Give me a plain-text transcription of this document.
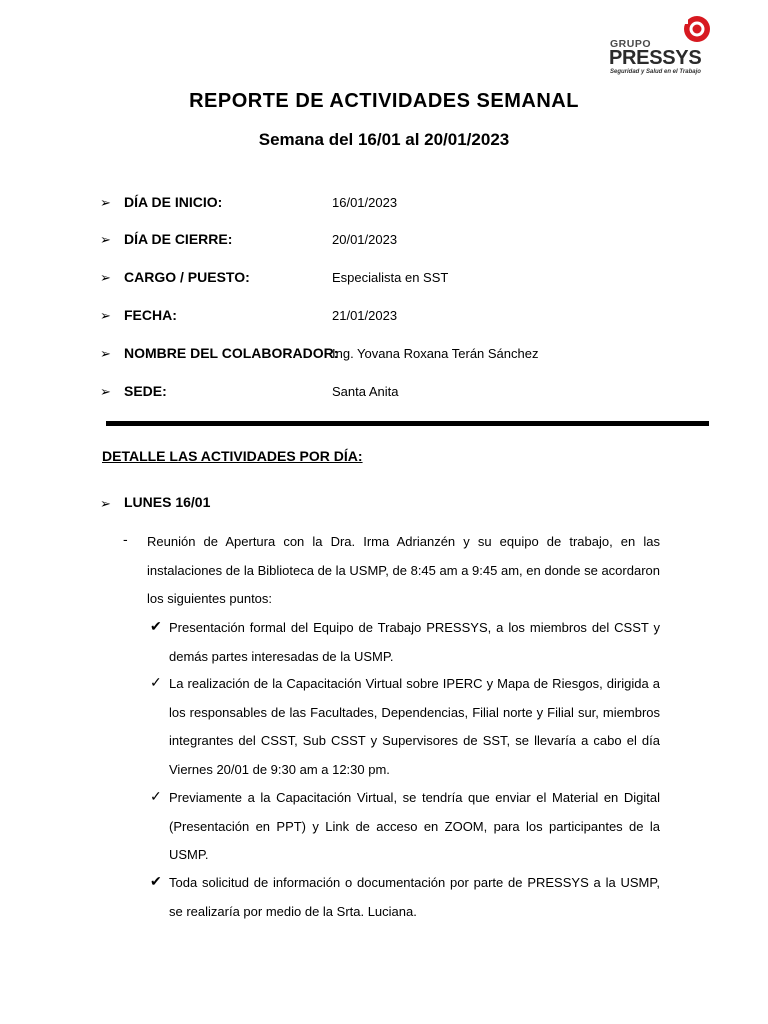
GRUPO
PRESSYS
Seguridad y Salud en el Trabajo
REPORTE DE ACTIVIDADES SEMANAL
Semana del 16/01 al 20/01/2023
➢ DÍA DE INICIO:	16/01/2023
➢ DÍA DE CIERRE:	20/01/2023
➢ CARGO / PUESTO:	Especialista en SST
➢ FECHA:	21/01/2023
➢ NOMBRE DEL COLABORADOR:
Ing. Yovana Roxana Terán Sánchez
➢ SEDE:	Santa Anita
DETALLE LAS ACTIVIDADES POR DÍA:
➢ LUNES 16/01
- Reunión de Apertura con la Dra. Irma Adrianzén y su equipo de trabajo, en las instalaciones de la Biblioteca de la USMP, de 8:45 am a 9:45 am, en donde se acordaron los siguientes puntos:
✔ Presentación formal del Equipo de Trabajo PRESSYS, a los miembros del CSST y demás partes interesadas de la USMP.
✓ La realización de la Capacitación Virtual sobre IPERC y Mapa de Riesgos, dirigida a los responsables de las Facultades, Dependencias, Filial norte y Filial sur, miembros integrantes del CSST, Sub CSST y Supervisores de SST, se llevaría a cabo el día Viernes 20/01 de 9:30 am a 12:30 pm.
✓ Previamente a la Capacitación Virtual, se tendría que enviar el Material en Digital (Presentación en PPT) y Link de acceso en ZOOM, para los participantes de la USMP.
✔ Toda solicitud de información o documentación por parte de PRESSYS a la USMP, se realizaría por medio de la Srta. Luciana.
